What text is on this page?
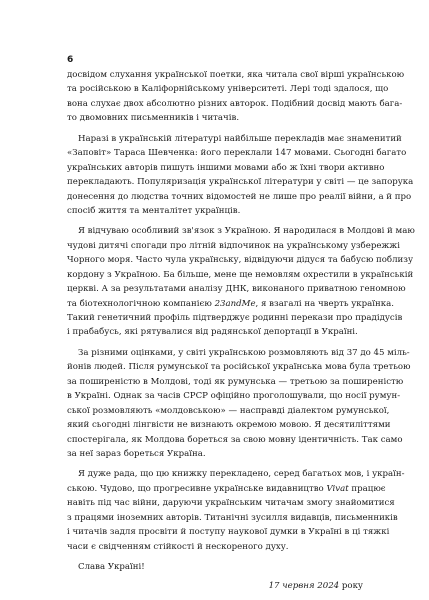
6
досвідом слухання української поетки, яка читала свої вірші українською
та російською в Каліфорнійському університеті. Лері тоді здалося, що
вона слухає двох абсолютно різних авторок. Подібний досвід мають бага-
то двомовних письменників і читачів.
Наразі в українській літературі найбільше перекладів має знаменитий
«Заповіт» Тараса Шевченка: його переклали 147 мовами. Сьогодні багато
українських авторів пишуть іншими мовами або ж їхні твори активно
перекладають. Популяризація української літератури у світі — це запорука
донесення до людства точних відомостей не лише про реалії війни, а й про
спосіб життя та менталітет українців.
Я відчуваю особливий зв'язок з Україною. Я народилася в Молдові й маю
чудові дитячі спогади про літній відпочинок на українському узбережжі
Чорного моря. Часто чула українську, відвідуючи дідуся та бабусю поблизу
кордону з Україною. Ба більше, мене ще немовлям охрестили в українській
церкві. А за результатами аналізу ДНК, виконаного приватною геномною
та біотехнологічною компанією 23andMe, я взагалі на чверть українка.
Такий генетичний профіль підтверджує родинні перекази про прадідусів
і прабабусь, які рятувалися від радянської депортації в Україні.
За різними оцінками, у світі українською розмовляють від 37 до 45 міль-
йонів людей. Після румунської та російської українська мова була третьою
за поширеністю в Молдові, тоді як румунська — третьою за поширеністю
в Україні. Однак за часів СРСР офіційно проголошували, що носії румун-
ської розмовляють «молдовською» — насправді діалектом румунської,
який сьогодні лінгвісти не визнають окремою мовою. Я десятиліттями
спостерігала, як Молдова бореться за свою мовну ідентичність. Так само
за неї зараз бореться Україна.
Я дуже рада, що цю книжку перекладено, серед багатьох мов, і україн-
ською. Чудово, що прогресивне українське видавництво Vivat працює
навіть під час війни, даруючи українським читачам змогу знайомитися
з працями іноземних авторів. Титанічні зусилля видавців, письменників
і читачів задля просвіти й поступу наукової думки в Україні в ці тяжкі
часи є свідченням стійкості й нескореного духу.
Слава Україні!
17 червня 2024 року
